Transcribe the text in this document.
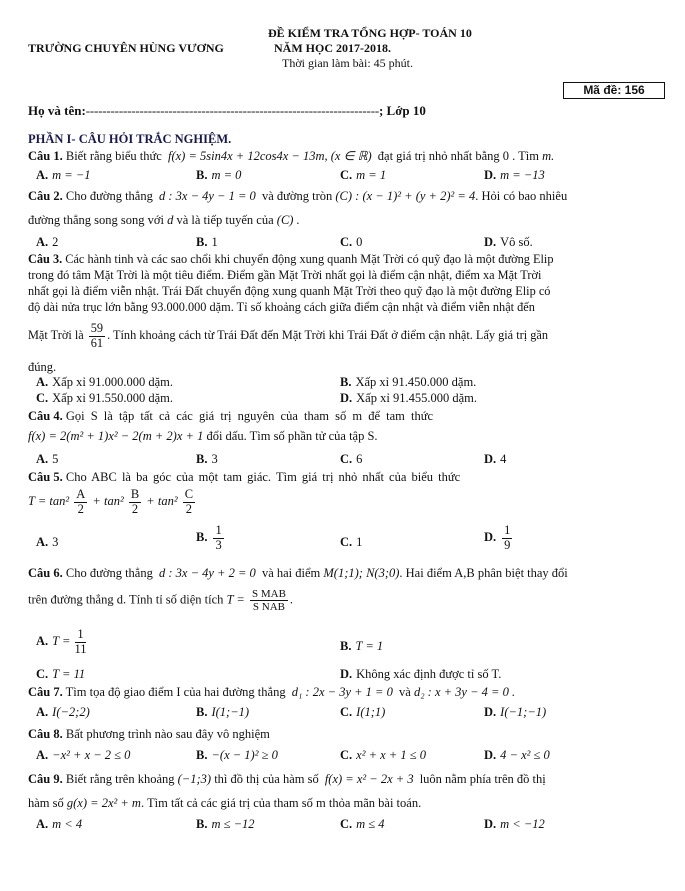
ĐỀ KIỂM TRA TỔNG HỢP- TOÁN 10
TRƯỜNG CHUYÊN HÙNG VƯƠNG	NĂM HỌC 2017-2018.
Thời gian làm bài: 45 phút.
Mã đề: 156
Họ và tên:-----------------------------------------------------------------------; Lớp 10
PHẦN I- CÂU HỎI TRẮC NGHIỆM.
Câu 1. Biết rằng biểu thức f(x) = 5sin4x + 12cos4x − 13m, (x ∈ ℝ) đạt giá trị nhỏ nhất bằng 0 . Tìm m.
A. m = −1	B. m = 0	C. m = 1	D. m = −13
Câu 2. Cho đường thẳng d : 3x − 4y − 1 = 0 và đường tròn (C) : (x − 1)² + (y + 2)² = 4. Hỏi có bao nhiêu
đường thẳng song song với d và là tiếp tuyến của (C) .
A. 2	B. 1	C. 0	D. Vô số.
Câu 3. Các hành tinh và các sao chổi khi chuyển động xung quanh Mặt Trời có quỹ đạo là một đường Elip
trong đó tâm Mặt Trời là một tiêu điểm. Điểm gần Mặt Trời nhất gọi là điểm cận nhật, điểm xa Mặt Trời
nhất gọi là điểm viễn nhật. Trái Đất chuyển động xung quanh Mặt Trời theo quỹ đạo là một đường Elip có
độ dài nửa trục lớn bằng 93.000.000 dặm. Tỉ số khoảng cách giữa điểm cận nhật và điểm viễn nhật đến
Mặt Trời là $\frac{59}{61}$ . Tính khoảng cách từ Trái Đất đến Mặt Trời khi Trái Đất ở điểm cận nhật. Lấy giá trị gần
đúng.
A. Xấp xỉ 91.000.000 dặm.	B. Xấp xỉ 91.450.000 dặm.
C. Xấp xỉ 91.550.000 dặm.	D. Xấp xỉ 91.455.000 dặm.
Câu 4. Gọi S là tập tất cả các giá trị nguyên của tham số m để tam thức
f(x) = 2(m² + 1)x² − 2(m + 2)x + 1 đổi dấu. Tìm số phần tử của tập S.
A. 5	B. 3	C. 6	D. 4
Câu 5. Cho ABC là ba góc của một tam giác. Tìm giá trị nhỏ nhất của biểu thức
$T = \tan^2 \frac{A}{2} + \tan^2 \frac{B}{2} + \tan^2 \frac{C}{2}$
A. 3	B. $\frac{1}{3}$	C. 1	D. $\frac{1}{9}$
Câu 6. Cho đường thẳng d : 3x − 4y + 2 = 0 và hai điểm M(1;1); N(3;0). Hai điểm A,B phân biệt thay đổi
trên đường thẳng d. Tính tỉ số diện tích $T = \frac{\text{S MAB}}{\text{S NAB}}$ .
A. $T = \frac{1}{11}$	B. T = 1
C. T = 11	D. Không xác định được tỉ số T.
Câu 7. Tìm tọa độ giao điểm I của hai đường thẳng d₁ : 2x − 3y + 1 = 0 và d₂ : x + 3y − 4 = 0 .
A. I(−2;2)	B. I(1;−1)	C. I(1;1)	D. I(−1;−1)
Câu 8. Bất phương trình nào sau đây vô nghiệm
A. −x² + x − 2 ≤ 0	B. −(x − 1)² ≥ 0	C. x² + x + 1 ≤ 0	D. 4 − x² ≤ 0
Câu 9. Biết rằng trên khoảng (−1;3) thì đồ thị của hàm số f(x) = x² − 2x + 3 luôn nằm phía trên đồ thị
hàm số g(x) = 2x² + m. Tìm tất cả các giá trị của tham số m thỏa mãn bài toán.
A. m < 4	B. m ≤ −12	C. m ≤ 4	D. m < −12
